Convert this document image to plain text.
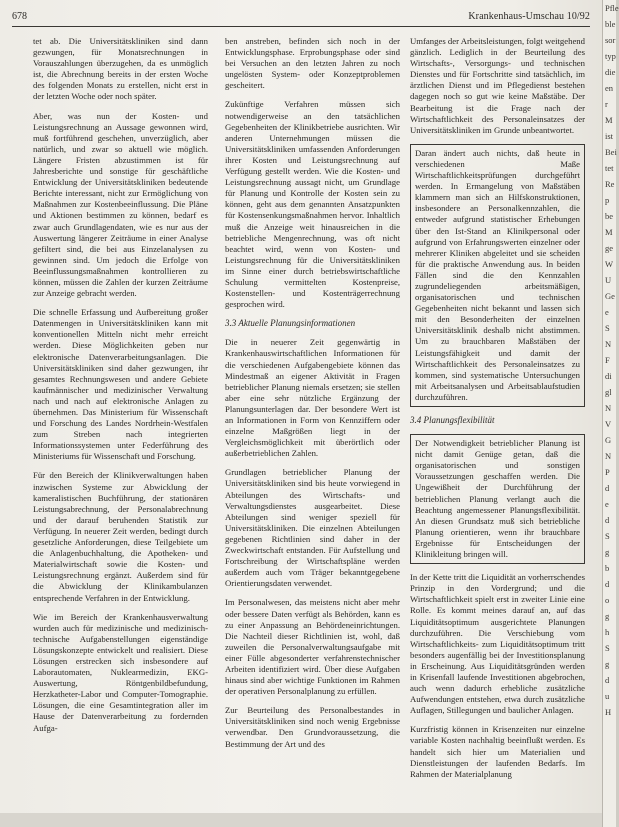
678	Krankenhaus-Umschau 10/92

tet ab. Die Universitätskliniken sind dann gezwungen, für Monatsrechnungen in Vorauszahlungen überzugehen, da es unmöglich ist, die Abrechnung bereits in der ersten Woche des folgenden Monats zu erstellen, nicht erst in der letzten Woche oder noch später.

Aber, was nun der Kosten- und Leistungsrechnung an Aussage gewonnen wird, muß fortführend geschehen, unverzüglich, aber natürlich, und zwar so aktuell wie möglich. Längere Fristen abzustimmen ist für Jahresberichte und sonstige für geschäftliche Entwicklung der Universitätskliniken bedeutende Berichte interessant, nicht zur Ermöglichung von Maßnahmen zur Kostenbeeinflussung. Die Pläne und Aktionen bestimmen zu können, bedarf es zwar auch Grundlagendaten, wie es nur aus der Auswertung längerer Zeiträume in einer Analyse gefiltert sind, die bei aus Einzelanalysen zu gewinnen sind. Um jedoch die Erfolge von Beeinflussungsmaßnahmen kontrollieren zu können, müssen die Zahlen der kurzen Zeiträume zur Anzeige gebracht werden.

Die schnelle Erfassung und Aufbereitung großer Datenmengen in Universitätskliniken kann mit konventionellen Mitteln nicht mehr erreicht werden. Diese Möglichkeiten geben nur elektronische Datenverarbeitungsanlagen. Die Universitätskliniken sind daher gezwungen, ihr gesamtes Rechnungswesen und andere Gebiete kaufmännischer und medizinischer Verwaltung nach und nach auf elektronische Anlagen zu übernehmen. Das Ministerium für Wissenschaft und Forschung des Landes Nordrhein-Westfalen zum Streben nach integrierten Informationssystemen unter Federführung des Ministeriums für Wissenschaft und Forschung.

Für den Bereich der Klinikverwaltungen haben inzwischen Systeme zur Abwicklung der kameralistischen Buchführung, der stationären Leistungsabrechnung, der Personalabrechnung und der darauf beruhenden Statistik zur Verfügung. In neuerer Zeit werden, bedingt durch gesetzliche Anforderungen, diese Teilgebiete um die Anlagenbuchhaltung, die Apotheken- und Materialwirtschaft sowie die Kosten- und Leistungsrechnung ergänzt. Außerdem sind für die Abwicklung der Klinikambulanzen entsprechende Verfahren in der Entwicklung.

Wie im Bereich der Krankenhausverwaltung wurden auch für medizinische und medizinisch-technische Aufgabenstellungen eigenständige Lösungskonzepte entwickelt und realisiert. Diese Lösungen erstrecken sich insbesondere auf Laborautomaten, Nuklearmedizin, EKG-Auswertung, Röntgenbildbefundung, Herzkatheter-Labor und Computer-Tomographie. Lösungen, die eine Gesamtintegration aller im Hause der Datenverarbeitung zu fordernden Aufga-

ben anstreben, befinden sich noch in der Entwicklungsphase. Erprobungsphase oder sind bei Versuchen an den letzten Jahren zu noch ungelösten System- oder Konzeptproblemen gescheitert.

Zukünftige Verfahren müssen sich notwendigerweise an den tatsächlichen Gegebenheiten der Klinikbetriebe ausrichten. Wir anderen Unternehmungen müssen die Universitätskliniken umfassenden Anforderungen ihrer Kosten und Leistungsrechnung auf Verfügung gestellt werden. Wie die Kosten- und Leistungsrechnung aussagt nicht, um Grundlage für Planung und Kontrolle der Kosten sein zu können, geht aus dem genannten Ansatzpunkten für Kostensenkungsmaßnahmen hervor. Inhaltlich muß die Anzeige weit hinausreichen in die betriebliche Mengenrechnung, was oft nicht beachtet wird, wenn von Kosten- und Leistungsrechnung für die Universitätskliniken im Sinne einer durch betriebswirtschaftliche Schulung vermittelten Kostenpreise, Kostenstellen- und Kostenträgerrechnung gesprochen wird.

3.3 Aktuelle Planungsinformationen

Die in neuerer Zeit gegenwärtig in Krankenhauswirtschaftlichen Informationen für die verschiedenen Aufgabengebiete können das Mindestmaß an eigener Aktivität in Fragen betrieblicher Planung niemals ersetzen; sie stellen aber eine sehr nützliche Ergänzung der Planungsunterlagen dar. Der besondere Wert ist an Informationen in Form von Kennziffern oder einzelne Maßgrößen liegt in der Vergleichsmöglichkeit mit überörtlich oder außerbetrieblichen Zahlen.

Grundlagen betrieblicher Planung der Universitätskliniken sind bis heute vorwiegend in Abteilungen des Wirtschafts- und Verwaltungsdienstes ausgearbeitet. Diese Abteilungen sind weniger speziell für Universitätskliniken. Die einzelnen Abteilungen gegebenen Richtlinien sind daher in der Zweckwirtschaft entstanden. Für Aufstellung und Fortschreibung der Wirtschaftspläne werden außerdem auch vom Träger bekanntgegebene Orientierungsdaten verwendet.

Im Personalwesen, das meistens nicht aber mehr oder bessere Daten verfügt als Behörden, kann es zu einer Anpassung an Behördeneinrichtungen. Die Nachteil dieser Richtlinien ist, wohl, daß zuweilen die Personalverwaltungsaufgabe mit einer Fülle abgesonderter verfahrenstechnischer Arbeiten identifiziert wird. Über diese Aufgaben hinaus sind aber wichtige Funktionen im Rahmen der operativen Personalplanung zu erfüllen.

Zur Beurteilung des Personalbestandes in Universitätskliniken sind noch wenig Ergebnisse verwendbar. Den Grundvoraussetzung, die Bestimmung der Art und des

Umfanges der Arbeitsleistungen, folgt weitgehend gänzlich. Lediglich in der Beurteilung des Wirtschafts-, Versorgungs- und technischen Dienstes und für Fortschritte sind tatsächlich, im ärztlichen Dienst und im Pflegedienst bestehen dagegen noch so gut wie keine Maßstäbe. Der Bearbeitung ist die Frage nach der Wirtschaftlichkeit des Personaleinsatzes der Universitätskliniken im Grunde unbeantwortet.

Daran ändert auch nichts, daß heute in verschiedenen Maße Wirtschaftlichkeitsprüfungen durchgeführt werden. In Ermangelung von Maßstäben klammern man sich an Hilfskonstruktionen, insbesondere an Personalkennzahlen, die entweder aufgrund statistischer Erhebungen über den Ist-Stand an Klinikpersonal oder aufgrund von Erfahrungswerten einzelner oder mehrerer Kliniken abgeleitet und sie scheiden für die praktische Anwendung aus. In beiden Fällen sind die den Kennzahlen zugrundeliegenden arbeitsmäßigen, organisatorischen und technischen Gegebenheiten nicht bekannt und lassen sich mit den Besonderheiten der einzelnen Universitätsklinik deshalb nicht abstimmen. Um zu brauchbaren Maßstäben der Leistungsfähigkeit und damit der Wirtschaftlichkeit des Personaleinsatzes zu kommen, sind systematische Untersuchungen mit Arbeitsanalysen und Arbeitsablaufstudien durchzuführen.

3.4 Planungsflexibilität

Der Notwendigkeit betrieblicher Planung ist nicht damit Genüge getan, daß die organisatorischen und sonstigen Voraussetzungen geschaffen werden. Die Ungewißheit der Durchführung der betrieblichen Planung verlangt auch die Beachtung angemessener Planungsflexibilität. An diesen Grundsatz muß sich betriebliche Planung orientieren, wenn ihr brauchbare Ergebnisse für Entscheidungen der Klinikleitung bringen will.

In der Kette tritt die Liquidität an vorherrschendes Prinzip in den Vordergrund; und die Wirtschaftlichkeit spielt erst in zweiter Linie eine Rolle. Es kommt meines darauf an, auf das Liquiditätsoptimum ausgerichtete Planungen durchzuführen. Die Verschiebung vom Wirtschaftlichkeits- zum Liquiditätsoptimum tritt besonders augenfällig bei der Investitionsplanung in Erscheinung. Aus Liquiditätsgründen werden in Krisenfall laufende Investitionen abgebrochen, auch wenn dadurch erhebliche zusätzliche Aufwendungen entstehen, etwa durch zusätzliche Auflagen, Stillegungen und baulicher Anlagen.

Kurzfristig können in Krisenzeiten nur einzelne variable Kosten nachhaltig beeinflußt werden. Es handelt sich hier um Materialien und Dienstleistungen der laufenden Bedarfs. Im Rahmen der Materialplanung

Pfle
ble
sor
typ
die
en
r
M
ist
Bei
tet
Re
p
be
M
ge
W
U
Ge
e
S
N
F
di
gl
N
V
G
N
P
d
e
d
S
g
b
d
o
g
h
S
g
d
u
H
